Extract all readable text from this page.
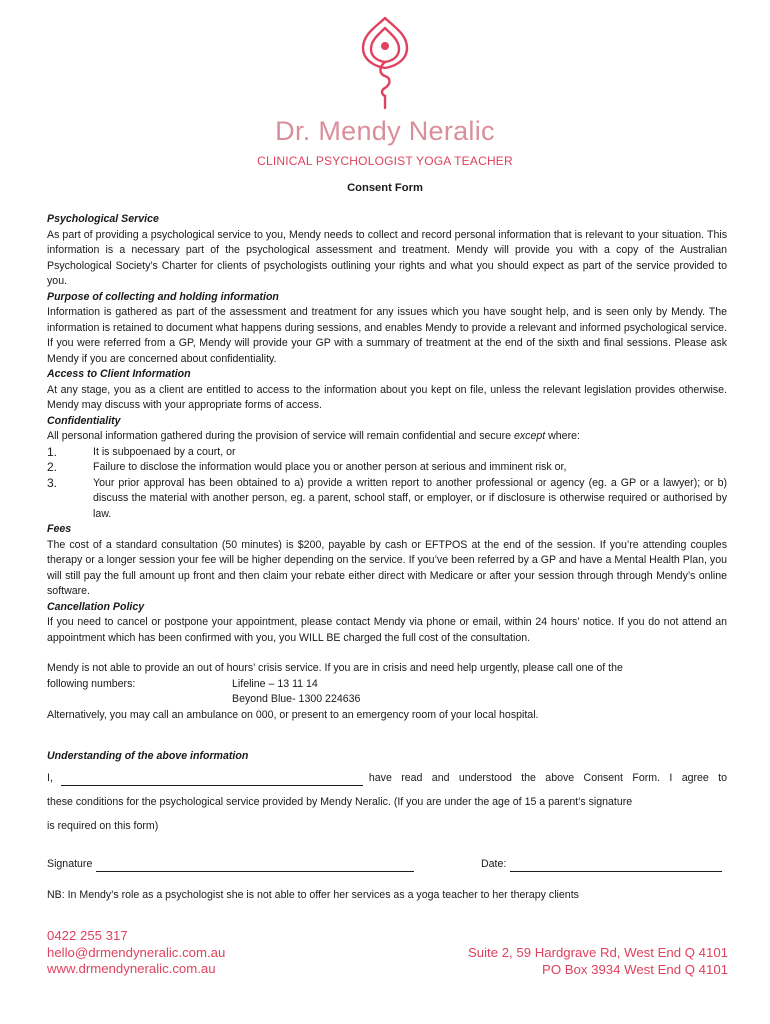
Dr. Mendy Neralic
CLINICAL PSYCHOLOGIST YOGA TEACHER
Consent Form
Psychological Service
As part of providing a psychological service to you, Mendy needs to collect and record personal information that is relevant to your situation. This information is a necessary part of the psychological assessment and treatment. Mendy will provide you with a copy of the Australian Psychological Society’s Charter for clients of psychologists outlining your rights and what you should expect as part of the service provided to you.
Purpose of collecting and holding information
Information is gathered as part of the assessment and treatment for any issues which you have sought help, and is seen only by Mendy. The information is retained to document what happens during sessions, and enables Mendy to provide a relevant and informed psychological service. If you were referred from a GP, Mendy will provide your GP with a summary of treatment at the end of the sixth and final sessions. Please ask Mendy if you are concerned about confidentiality.
Access to Client Information
At any stage, you as a client are entitled to access to the information about you kept on file, unless the relevant legislation provides otherwise. Mendy may discuss with your appropriate forms of access.
Confidentiality
All personal information gathered during the provision of service will remain confidential and secure except where:
1.	It is subpoenaed by a court, or
2.	Failure to disclose the information would place you or another person at serious and imminent risk or,
3.	Your prior approval has been obtained to a) provide a written report to another professional or agency (eg. a GP or a lawyer); or b) discuss the material with another person, eg. a parent, school staff, or employer, or if disclosure is otherwise required or authorised by law.
Fees
The cost of a standard consultation (50 minutes) is $200, payable by cash or EFTPOS at the end of the session. If you’re attending couples therapy or a longer session your fee will be higher depending on the service. If you’ve been referred by a GP and have a Mental Health Plan, you will still pay the full amount up front and then claim your rebate either direct with Medicare or after your session through through Mendy’s online software.
Cancellation Policy
If you need to cancel or postpone your appointment, please contact Mendy via phone or email, within 24 hours’ notice. If you do not attend an appointment which has been confirmed with you, you WILL BE charged the full cost of the consultation.
Mendy is not able to provide an out of hours’ crisis service. If you are in crisis and need help urgently, please call one of the
following numbers:	Lifeline – 13 11 14
Beyond Blue- 1300 224636
Alternatively, you may call an ambulance on 000, or present to an emergency room of your local hospital.
Understanding of the above information
I,	have read and understood the above Consent Form. I agree to
these conditions for the psychological service provided by Mendy Neralic. (If you are under the age of 15 a parent’s signature
is required on this form)
Signature	Date:
NB: In Mendy’s role as a psychologist she is not able to offer her services as a yoga teacher to her therapy clients
0422 255 317
hello@drmendyneralic.com.au
www.drmendyneralic.com.au
Suite 2, 59 Hardgrave Rd, West End Q 4101
PO Box 3934 West End Q 4101
